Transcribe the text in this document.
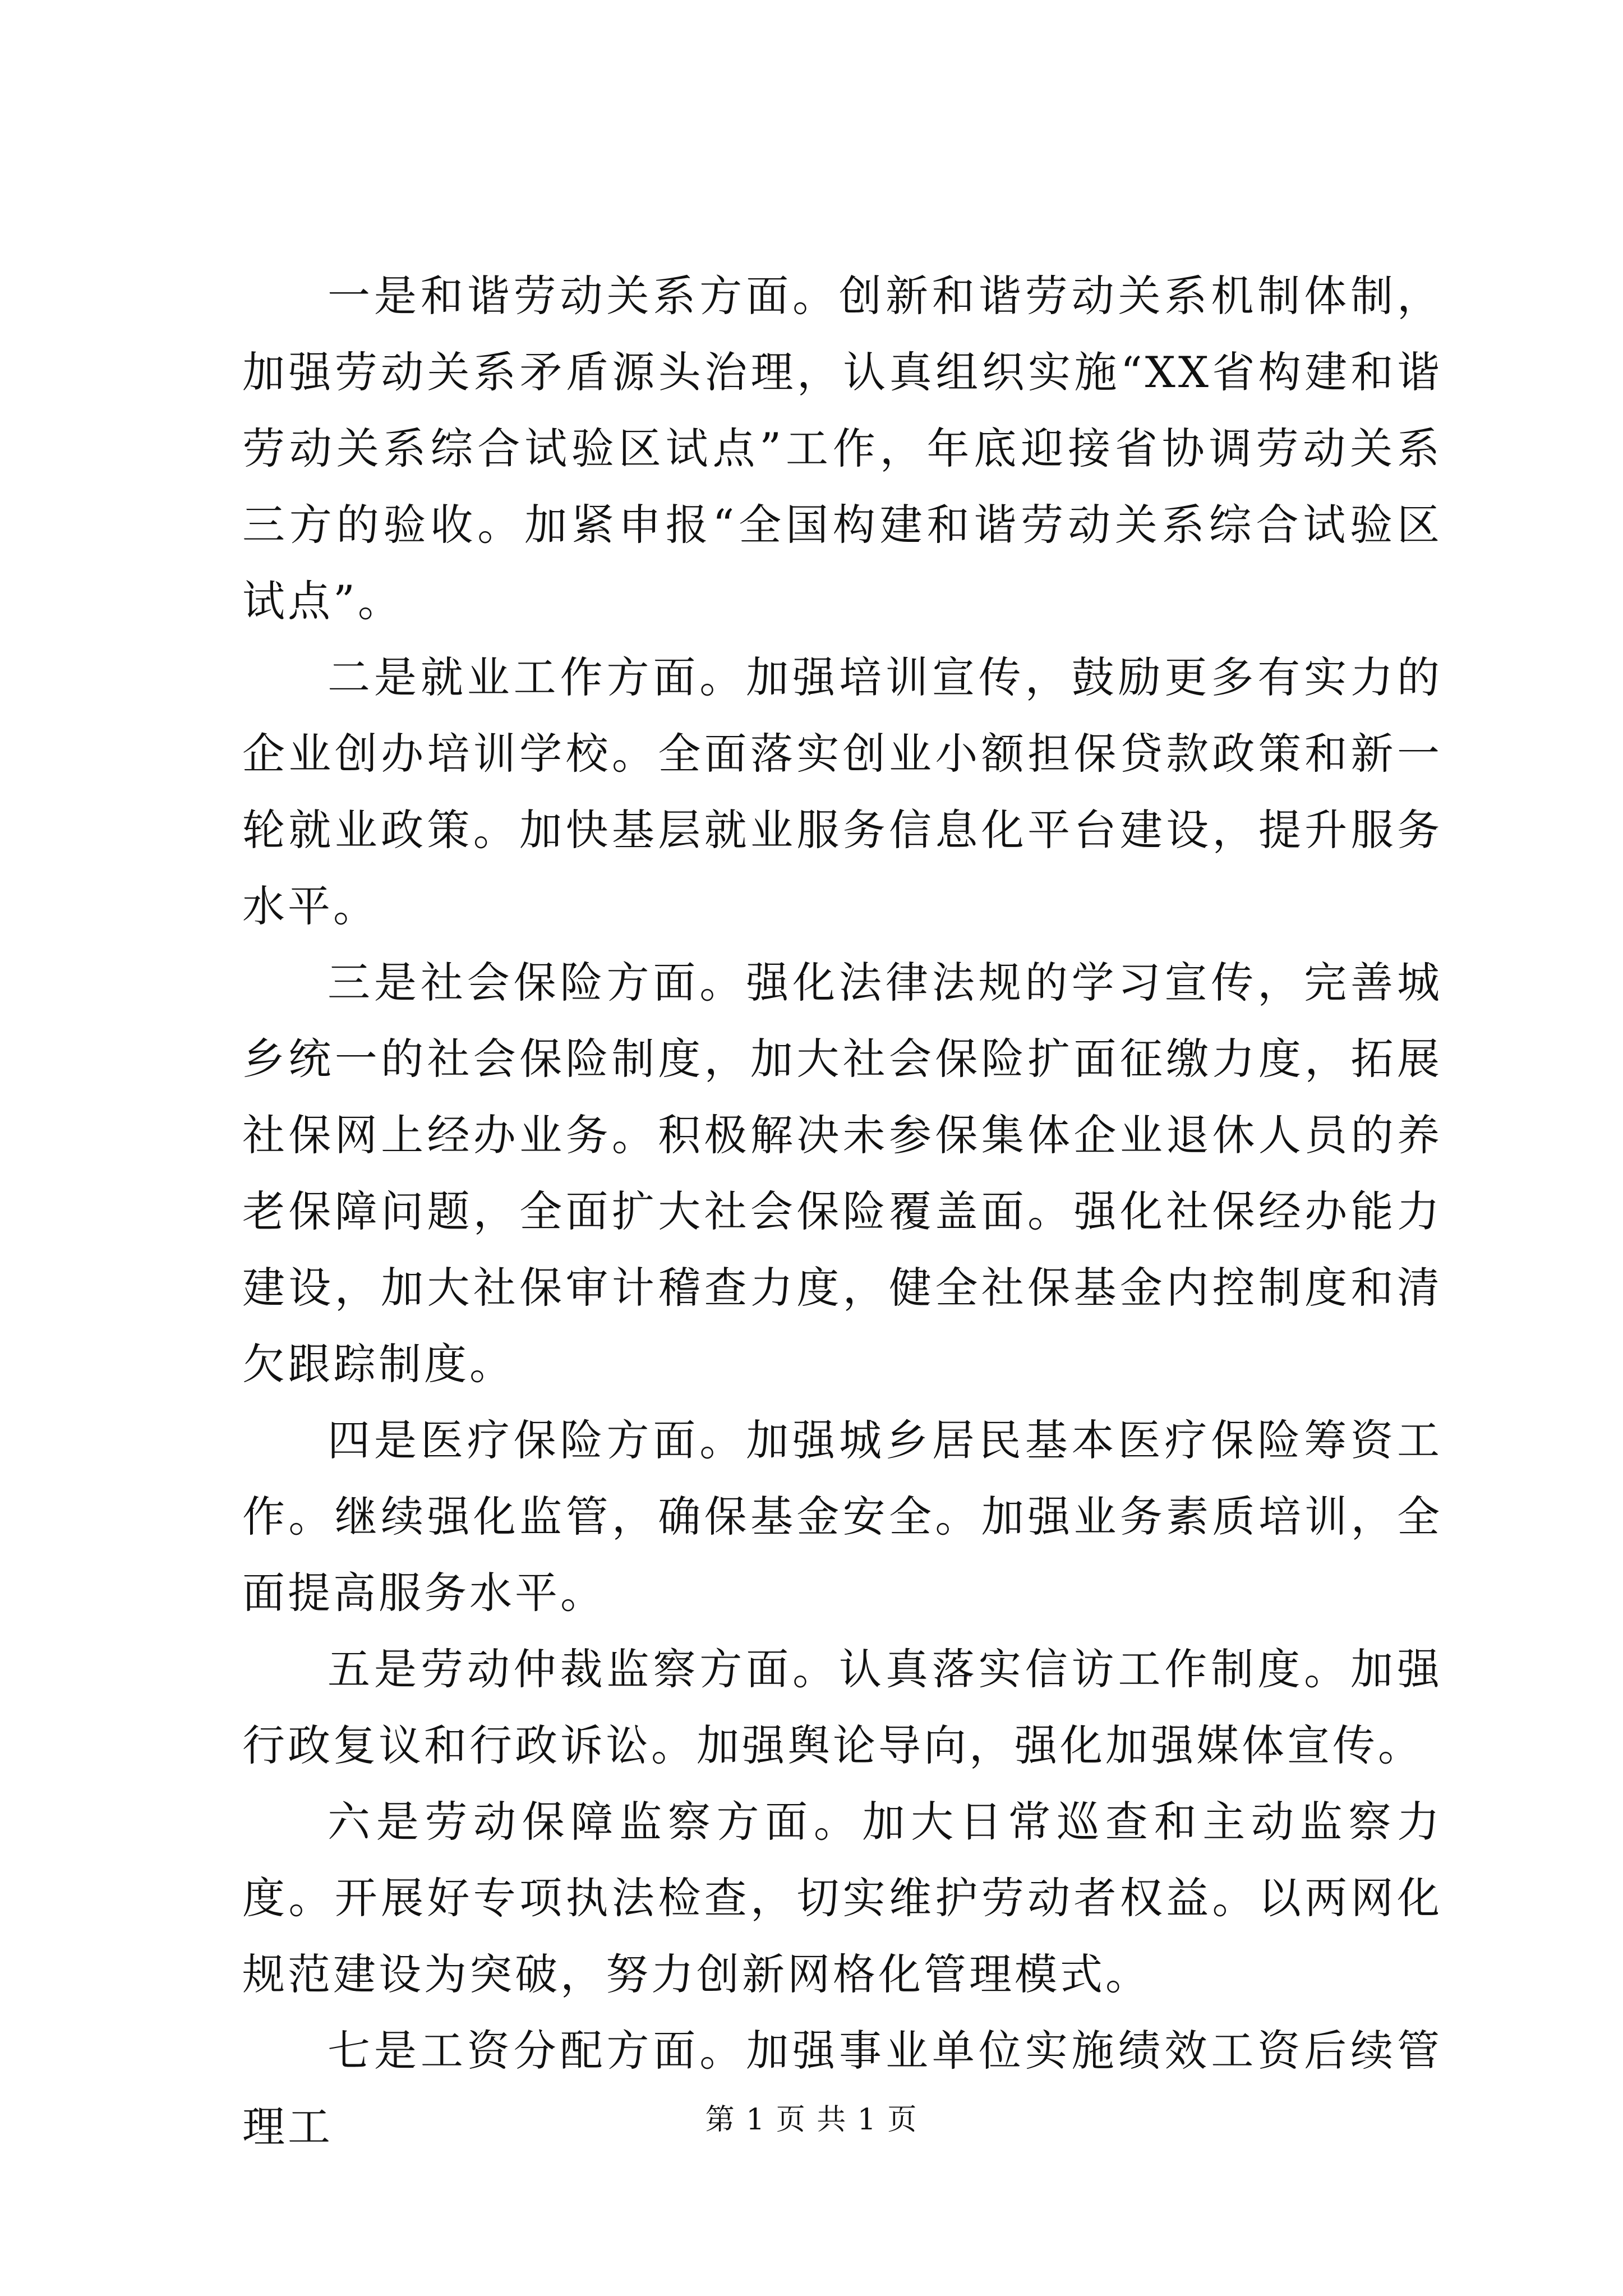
一是和谐劳动关系方面。创新和谐劳动关系机制体制，加强劳动关系矛盾源头治理，认真组织实施“XX省构建和谐劳动关系综合试验区试点”工作，年底迎接省协调劳动关系三方的验收。加紧申报“全国构建和谐劳动关系综合试验区试点”。

二是就业工作方面。加强培训宣传，鼓励更多有实力的企业创办培训学校。全面落实创业小额担保贷款政策和新一轮就业政策。加快基层就业服务信息化平台建设，提升服务水平。

三是社会保险方面。强化法律法规的学习宣传，完善城乡统一的社会保险制度，加大社会保险扩面征缴力度，拓展社保网上经办业务。积极解决未参保集体企业退休人员的养老保障问题，全面扩大社会保险覆盖面。强化社保经办能力建设，加大社保审计稽查力度，健全社保基金内控制度和清欠跟踪制度。

四是医疗保险方面。加强城乡居民基本医疗保险筹资工作。继续强化监管，确保基金安全。加强业务素质培训，全面提高服务水平。

五是劳动仲裁监察方面。认真落实信访工作制度。加强行政复议和行政诉讼。加强舆论导向，强化加强媒体宣传。

六是劳动保障监察方面。加大日常巡查和主动监察力度。开展好专项执法检查，切实维护劳动者权益。以两网化规范建设为突破，努力创新网格化管理模式。

七是工资分配方面。加强事业单位实施绩效工资后续管理工	第 1 页 共 1 页
